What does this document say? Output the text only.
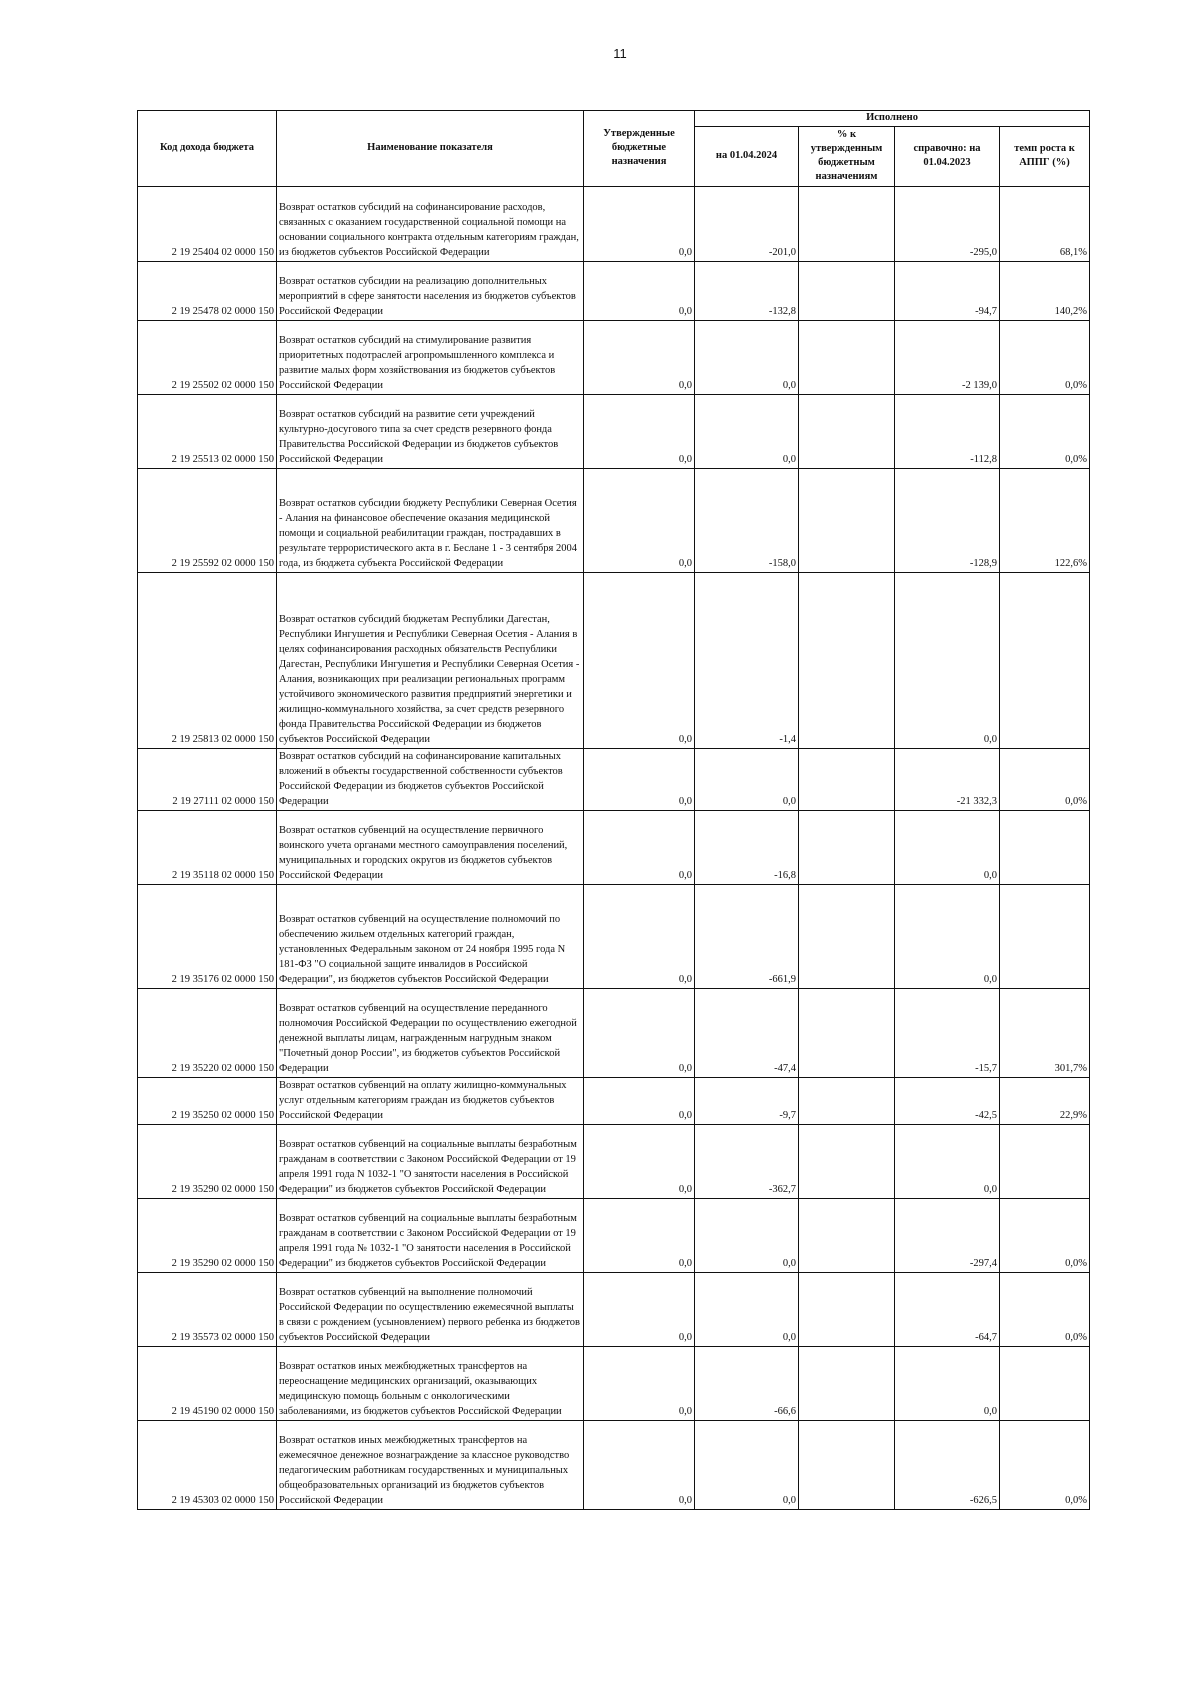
11
Код дохода бюджета	Наименование показателя	Утвержденные бюджетные назначения	Исполнено			
			на 01.04.2024	% к утвержденным бюджетным назначениям	справочно: на 01.04.2023	темп роста к АППГ (%)
2 19 25404 02 0000 150	Возврат остатков субсидий на софинансирование расходов, связанных с оказанием государственной социальной помощи на основании социального контракта отдельным категориям граждан, из бюджетов субъектов Российской Федерации	0,0	-201,0		-295,0	68,1%
2 19 25478 02 0000 150	Возврат остатков субсидии на реализацию дополнительных мероприятий в сфере занятости населения из бюджетов субъектов Российской Федерации	0,0	-132,8		-94,7	140,2%
2 19 25502 02 0000 150	Возврат остатков субсидий на стимулирование развития приоритетных подотраслей агропромышленного комплекса и развитие малых форм хозяйствования из бюджетов субъектов Российской Федерации	0,0	0,0		-2 139,0	0,0%
2 19 25513 02 0000 150	Возврат остатков субсидий на развитие сети учреждений культурно-досугового типа за счет средств резервного фонда Правительства Российской Федерации из бюджетов субъектов Российской Федерации	0,0	0,0		-112,8	0,0%
2 19 25592 02 0000 150	Возврат остатков субсидии бюджету Республики Северная Осетия - Алания на финансовое обеспечение оказания медицинской помощи и социальной реабилитации граждан, пострадавших в результате террористического акта в г. Беслане 1 - 3 сентября 2004 года, из бюджета субъекта Российской Федерации	0,0	-158,0		-128,9	122,6%
2 19 25813 02 0000 150	Возврат остатков субсидий бюджетам Республики Дагестан, Республики Ингушетия и Республики Северная Осетия - Алания в целях софинансирования расходных обязательств Республики Дагестан, Республики Ингушетия и Республики Северная Осетия - Алания, возникающих при реализации региональных программ устойчивого экономического развития предприятий энергетики и жилищно-коммунального хозяйства, за счет средств резервного фонда Правительства Российской Федерации из бюджетов субъектов Российской Федерации	0,0	-1,4		0,0	
2 19 27111 02 0000 150	Возврат остатков субсидий на софинансирование капитальных вложений в объекты государственной собственности субъектов Российской Федерации из бюджетов субъектов Российской Федерации	0,0	0,0		-21 332,3	0,0%
2 19 35118 02 0000 150	Возврат остатков субвенций на осуществление первичного воинского учета органами местного самоуправления поселений, муниципальных и городских округов из бюджетов субъектов Российской Федерации	0,0	-16,8		0,0	
2 19 35176 02 0000 150	Возврат остатков субвенций на осуществление полномочий по обеспечению жильем отдельных категорий граждан, установленных Федеральным законом от 24 ноября 1995 года N 181-ФЗ "О социальной защите инвалидов в Российской Федерации", из бюджетов субъектов Российской Федерации	0,0	-661,9		0,0	
2 19 35220 02 0000 150	Возврат остатков субвенций на осуществление переданного полномочия Российской Федерации по осуществлению ежегодной денежной выплаты лицам, награжденным нагрудным знаком "Почетный донор России", из бюджетов субъектов Российской Федерации	0,0	-47,4		-15,7	301,7%
2 19 35250 02 0000 150	Возврат остатков субвенций на оплату жилищно-коммунальных услуг отдельным категориям граждан из бюджетов субъектов Российской Федерации	0,0	-9,7		-42,5	22,9%
2 19 35290 02 0000 150	Возврат остатков субвенций на социальные выплаты безработным гражданам в соответствии с Законом Российской Федерации от 19 апреля 1991 года N 1032-1 "О занятости населения в Российской Федерации" из бюджетов субъектов Российской Федерации	0,0	-362,7		0,0	
2 19 35290 02 0000 150	Возврат остатков субвенций на социальные выплаты безработным гражданам в соответствии с Законом Российской Федерации от 19 апреля 1991 года № 1032-1 "О занятости населения в Российской Федерации" из бюджетов субъектов Российской Федерации	0,0	0,0		-297,4	0,0%
2 19 35573 02 0000 150	Возврат остатков субвенций на выполнение полномочий Российской Федерации по осуществлению ежемесячной выплаты в связи с рождением (усыновлением) первого ребенка из бюджетов субъектов Российской Федерации	0,0	0,0		-64,7	0,0%
2 19 45190 02 0000 150	Возврат остатков иных межбюджетных трансфертов на переоснащение медицинских организаций, оказывающих медицинскую помощь больным с онкологическими заболеваниями, из бюджетов субъектов Российской Федерации	0,0	-66,6		0,0	
2 19 45303 02 0000 150	Возврат остатков иных межбюджетных трансфертов на ежемесячное денежное вознаграждение за классное руководство педагогическим работникам государственных и муниципальных общеобразовательных организаций из бюджетов субъектов Российской Федерации	0,0	0,0		-626,5	0,0%
